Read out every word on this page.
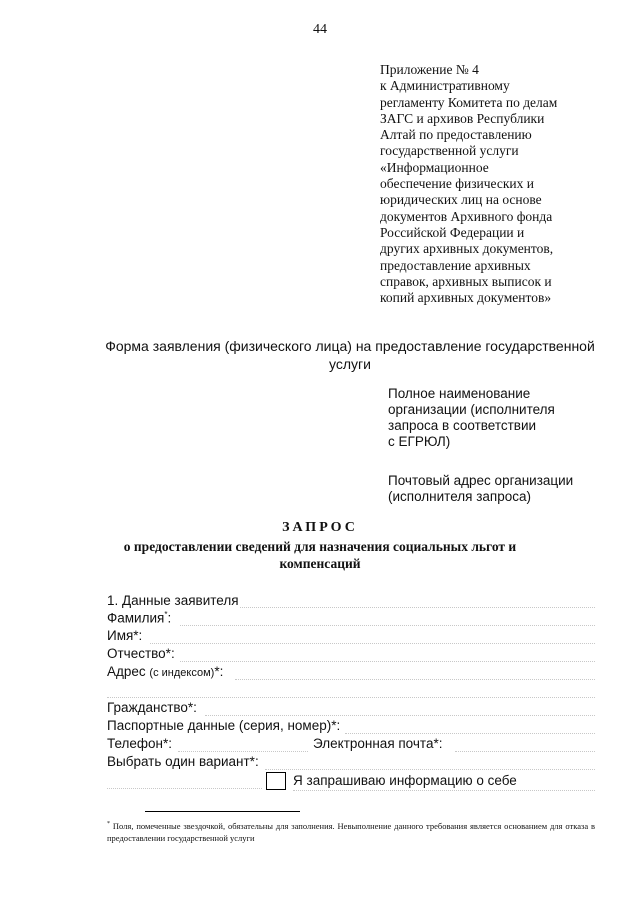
44
Приложение № 4
к Административному
регламенту Комитета по делам
ЗАГС и архивов Республики
Алтай по предоставлению
государственной услуги
«Информационное
обеспечение физических и
юридических лиц на основе
документов Архивного фонда
Российской Федерации и
других архивных документов,
предоставление архивных
справок, архивных выписок и
копий архивных документов»
Форма заявления (физического лица) на предоставление государственной
услуги
Полное наименование
организации (исполнителя
запроса в соответствии
с ЕГРЮЛ)
Почтовый адрес организации
(исполнителя запроса)
ЗАПРОС
о предоставлении сведений для назначения социальных льгот и
компенсаций
1. Данные заявителя
Фамилия*:
Имя*:
Отчество*:
Адрес (с индексом)*:
Гражданство*:
Паспортные данные (серия, номер)*:
Телефон*:	Электронная почта*:
Выбрать один вариант*:
Я запрашиваю информацию о себе
* Поля, помеченные звездочкой, обязательны для заполнения. Невыполнение данного требования является основанием для отказа в предоставлении государственной услуги
